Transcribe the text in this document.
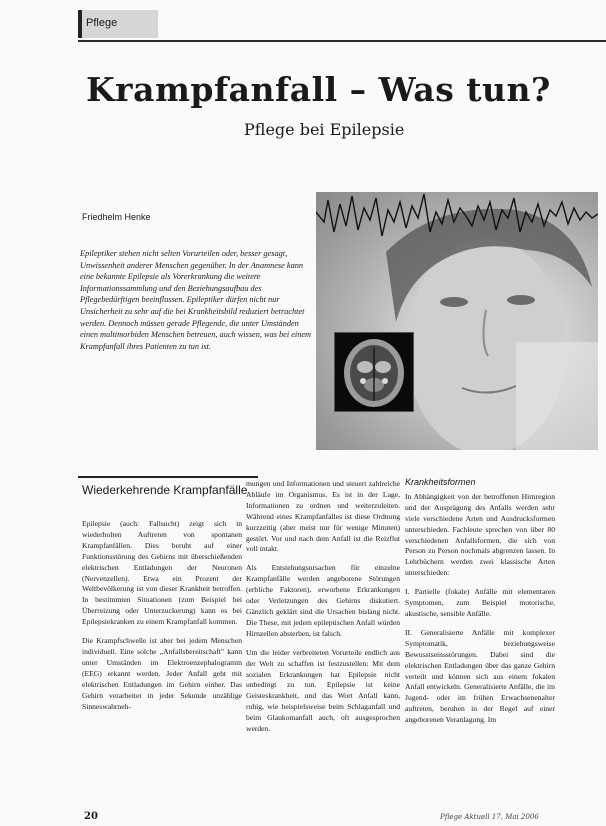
Pflege
Krampfanfall – Was tun?
Pflege bei Epilepsie
Friedhelm Henke
Epileptiker stehen nicht selten Vorurteilen oder, besser gesagt, Unwissenheit anderer Menschen gegenüber. In der Anamnese kann eine bekannte Epilepsie als Vorerkrankung die weitere Informationssammlung und den Beziehungsaufbau des Pflegebedürftigen beeinflussen. Epileptiker dürfen nicht nur Unsicherheit zu sehr auf die bei Krankheitsbild reduziert betrachtet werden. Dennoch müssen gerade Pflegende, die unter Umständen einen multimorbiden Menschen betreuen, auch wissen, was bei einem Krampfanfall ihres Patienten zu tun ist.
Wiederkehrende Krampfanfälle

Epilepsie (auch: Fallsucht) zeigt sich in wiederholten Auftreten von spontanen Krampfanfällen. Dies beruht auf einer Funktionsstörung des Gehirns mit überschießenden elektrischen Entladungen der Neuronen (Nervenzellen). Etwa ein Prozent der Weltbevölkerung ist von dieser Krankheit betroffen. In bestimmten Situationen (zum Beispiel bei Überreizung oder Unterzuckerung) kann es bei Epilepsiekranken zu einem Krampfanfall kommen.

Die Krampfschwelle ist aber bei jedem Menschen individuell. Eine solche „Anfallsbereitschaft" kann unter Umständen im Elektroenzephalogramm (EEG) erkannt werden. Jeder Anfall geht mit elektrischen Entladungen im Gehirn einher. Das Gehirn verarbeitet in jeder Sekunde unzählige Sinneswahrneh-

mungen und Informationen und steuert zahlreiche Abläufe im Organismus. Es ist in der Lage, Informationen zu ordnen und weiterzuleiten. Während eines Krampfanfalles ist diese Ordnung kurzzeitig (aber meist nur für wenige Minuten) gestört. Vor und nach dem Anfall ist die Reizflut voll intakt.

Als Entstehungsursachen für einzelne Krampfanfälle werden angeborene Störungen (erbliche Faktoren), erworbene Erkrankungen oder Verletzungen des Gehirns diskutiert. Gänzlich geklärt sind die Ursachen bislang nicht. Die These, mit jedem epileptischen Anfall würden Hirnzellen absterben, ist falsch.

Um die leider verbreiteten Vorurteile endlich aus der Welt zu schaffen ist festzustellen: Mit dem sozialen Erkrankungen hat Epilepsie nicht unbedingt zu tun. Epilepsie ist keine Geisteskrankheit, und das Wort Anfall kann, ruhig, wie beispielsweise beim Schlaganfall und beim Glaukomanfall auch, oft ausgesprochen werden.

Krankheitsformen

In Abhängigkeit von der betroffenen Hirnregion und der Ausprägung des Anfalls werden sehr viele verschiedene Arten und Ausdrucksformen unterschieden. Fachleute sprechen von über 80 verschiedenen Anfallsformen, die sich von Person zu Person nochmals abgrenzen lassen. In Lehrbüchern werden zwei klassische Arten unterschieden:

I. Partielle (fokale) Anfälle mit elementaren Symptomen, zum Beispiel motorische, akustische, sensible Anfälle.

II. Generalisierte Anfälle mit komplexer Symptomatik, beziehungsweise Bewusstseinsstörungen. Dabei sind die elektrischen Entladungen über das ganze Gehirn verteilt und können sich aus einem fokalen Anfall entwickeln. Generalisierte Anfälle, die im Jugend- oder im frühen Erwachsenenalter auftreten, beruhen in der Regel auf einer angeborenen Veranlagung. Im

20	Pflege Aktuell 17, Mai 2006
